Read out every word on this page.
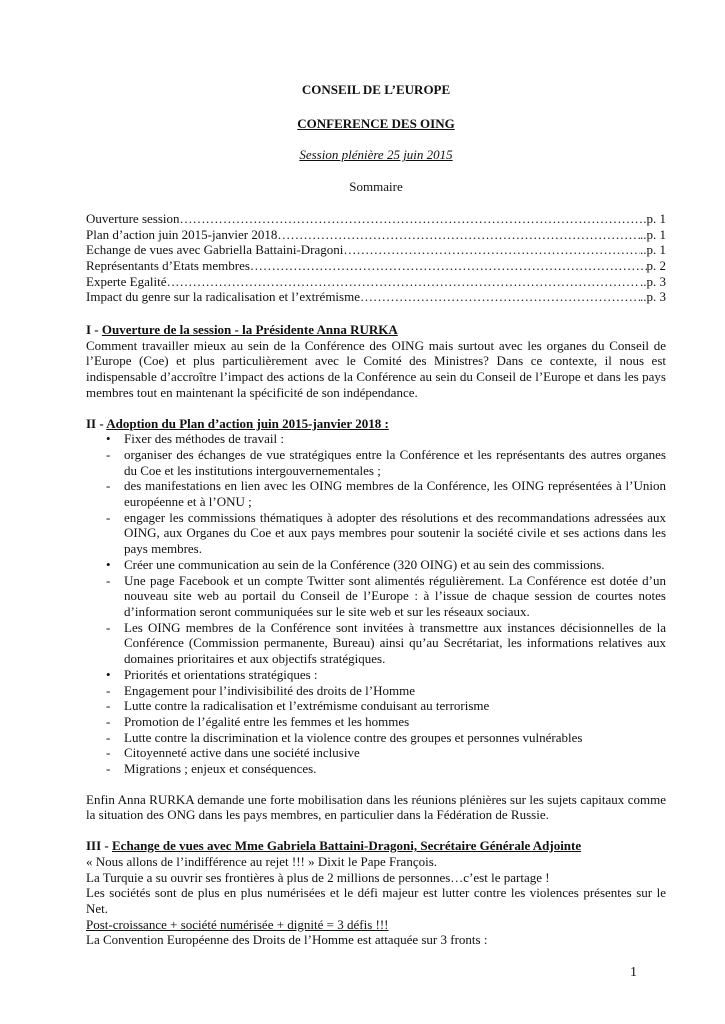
CONSEIL DE L’EUROPE

CONFERENCE DES OING

Session plénière 25 juin 2015

Sommaire

Ouverture session ……………………………………………………………………………………………………………………………………………………………………………	.p. 1
Plan d’action juin 2015-janvier 2018 ……………………………………………………………………………………………………………………………………………………………………………	..p. 1
Echange de vues avec Gabriella Battaini-Dragoni ……………………………………………………………………………………………………………………………………………………………………………	..p. 1
Représentants d’Etats membres ……………………………………………………………………………………………………………………………………………………………………………	p. 2
Experte Egalité ……………………………………………………………………………………………………………………………………………………………………………	..p. 3
Impact du genre sur la radicalisation et l’extrémisme ……………………………………………………………………………………………………………………………………………………………………………	..p. 3

I - Ouverture de la session - la Présidente Anna RURKA

Comment travailler mieux au sein de la Conférence des OING mais surtout avec les organes du Conseil de l’Europe (Coe) et plus particulièrement avec le Comité des Ministres? Dans ce contexte, il nous est indispensable d’accroître l’impact des actions de la Conférence au sein du Conseil de l’Europe et dans les pays membres tout en maintenant la spécificité de son indépendance.

II - Adoption du Plan d’action juin 2015-janvier 2018 :

• Fixer des méthodes de travail :
- organiser des échanges de vue stratégiques entre la Conférence et les représentants des autres organes du Coe et les institutions intergouvernementales ;
- des manifestations en lien avec les OING membres de la Conférence, les OING représentées à l’Union européenne et à l’ONU ;
- engager les commissions thématiques à adopter des résolutions et des recommandations adressées aux OING, aux Organes du Coe et aux pays membres pour soutenir la société civile et ses actions dans les pays membres.
• Créer une communication au sein de la Conférence (320 OING) et au sein des commissions.
- Une page Facebook et un compte Twitter sont alimentés régulièrement. La Conférence est dotée d’un nouveau site web au portail du Conseil de l’Europe : à l’issue de chaque session de courtes notes d’information seront communiquées sur le site web et sur les réseaux sociaux.
- Les OING membres de la Conférence sont invitées à transmettre aux instances décisionnelles de la Conférence (Commission permanente, Bureau) ainsi qu’au Secrétariat, les informations relatives aux domaines prioritaires et aux objectifs stratégiques.
• Priorités et orientations stratégiques :
- Engagement pour l’indivisibilité des droits de l’Homme
- Lutte contre la radicalisation et l’extrémisme conduisant au terrorisme
- Promotion de l’égalité entre les femmes et les hommes
- Lutte contre la discrimination et la violence contre des groupes et personnes vulnérables
- Citoyenneté active dans une société inclusive
- Migrations ; enjeux et conséquences.

Enfin Anna RURKA demande une forte mobilisation dans les réunions plénières sur les sujets capitaux comme la situation des ONG dans les pays membres, en particulier dans la Fédération de Russie.

III - Echange de vues avec Mme Gabriela Battaini-Dragoni, Secrétaire Générale Adjointe

« Nous allons de l’indifférence au rejet !!! » Dixit le Pape François.

La Turquie a su ouvrir ses frontières à plus de 2 millions de personnes…c’est le partage !

Les sociétés sont de plus en plus numérisées et le défi majeur est lutter contre les violences présentes sur le Net.

Post-croissance + société numérisée + dignité = 3 défis !!!

La Convention Européenne des Droits de l’Homme est attaquée sur 3 fronts :

1
